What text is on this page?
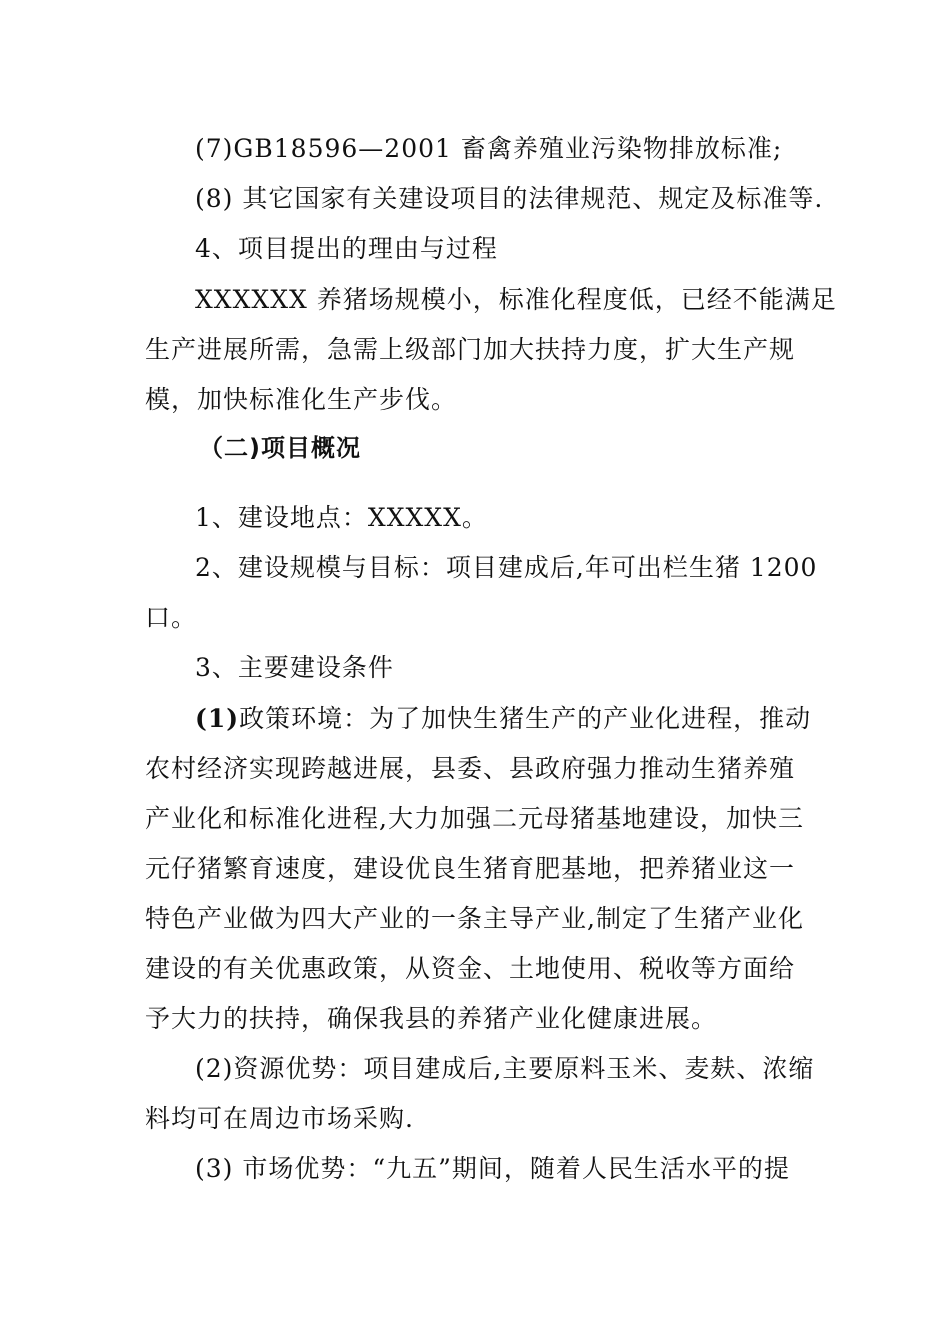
(7)GB18596—2001 畜禽养殖业污染物排放标准;
(8) 其它国家有关建设项目的法律规范、规定及标准等.
4、项目提出的理由与过程
XXXXXX 养猪场规模小，标准化程度低，已经不能满足
生产进展所需，急需上级部门加大扶持力度，扩大生产规
模，加快标准化生产步伐。
（二)项目概况
1、建设地点：XXXXX。
2、建设规模与目标：项目建成后,年可出栏生猪 1200
口。
3、主要建设条件
(1)政策环境：为了加快生猪生产的产业化进程，推动
农村经济实现跨越进展，县委、县政府强力推动生猪养殖
产业化和标准化进程,大力加强二元母猪基地建设，加快三
元仔猪繁育速度，建设优良生猪育肥基地，把养猪业这一
特色产业做为四大产业的一条主导产业,制定了生猪产业化
建设的有关优惠政策，从资金、土地使用、税收等方面给
予大力的扶持，确保我县的养猪产业化健康进展。
(2)资源优势：项目建成后,主要原料玉米、麦麸、浓缩
料均可在周边市场采购.
(3) 市场优势：“九五”期间，随着人民生活水平的提
